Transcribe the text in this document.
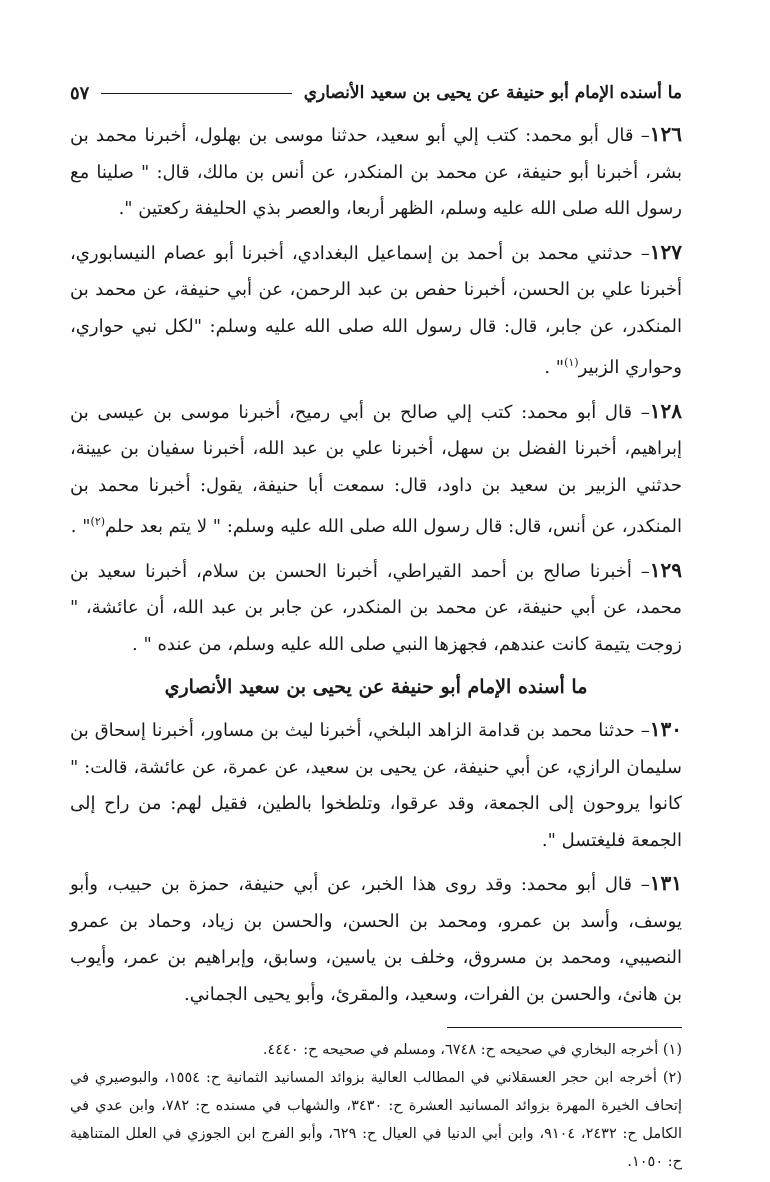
ما أسنده الإمام أبو حنيفة عن يحيى بن سعيد الأنصاري
٥٧

١٢٦– قال أبو محمد: كتب إلي أبو سعيد، حدثنا موسى بن بهلول، أخبرنا محمد بن بشر، أخبرنا أبو حنيفة، عن محمد بن المنكدر، عن أنس بن مالك، قال: " صلينا مع رسول الله صلى الله عليه وسلم، الظهر أربعا، والعصر بذي الحليفة ركعتين ".

١٢٧– حدثني محمد بن أحمد بن إسماعيل البغدادي، أخبرنا أبو عصام النيسابوري، أخبرنا علي بن الحسن، أخبرنا حفص بن عبد الرحمن، عن أبي حنيفة، عن محمد بن المنكدر، عن جابر، قال: قال رسول الله صلى الله عليه وسلم: "لكل نبي حواري، وحواري الزبير$^{(١)}$" .

١٢٨– قال أبو محمد: كتب إلي صالح بن أبي رميح، أخبرنا موسى بن عيسى بن إبراهيم، أخبرنا الفضل بن سهل، أخبرنا علي بن عبد الله، أخبرنا سفيان بن عيينة، حدثني الزبير بن سعيد بن داود، قال: سمعت أبا حنيفة، يقول: أخبرنا محمد بن المنكدر، عن أنس، قال: قال رسول الله صلى الله عليه وسلم: " لا يتم بعد حلم$^{(٢)}$" .

١٢٩– أخبرنا صالح بن أحمد القيراطي، أخبرنا الحسن بن سلام، أخبرنا سعيد بن محمد، عن أبي حنيفة، عن محمد بن المنكدر، عن جابر بن عبد الله، أن عائشة، " زوجت يتيمة كانت عندهم، فجهزها النبي صلى الله عليه وسلم، من عنده " .

ما أسنده الإمام أبو حنيفة عن يحيى بن سعيد الأنصاري

١٣٠– حدثنا محمد بن قدامة الزاهد البلخي، أخبرنا ليث بن مساور، أخبرنا إسحاق بن سليمان الرازي، عن أبي حنيفة، عن يحيى بن سعيد، عن عمرة، عن عائشة، قالت: " كانوا يروحون إلى الجمعة، وقد عرقوا، وتلطخوا بالطين، فقيل لهم: من راح إلى الجمعة فليغتسل ".

١٣١– قال أبو محمد: وقد روى هذا الخبر، عن أبي حنيفة، حمزة بن حبيب، وأبو يوسف، وأسد بن عمرو، ومحمد بن الحسن، والحسن بن زياد، وحماد بن عمرو النصيبي، ومحمد بن مسروق، وخلف بن ياسين، وسابق، وإبراهيم بن عمر، وأيوب بن هانئ، والحسن بن الفرات، وسعيد، والمقرئ، وأبو يحيى الجماني.

(١) أخرجه البخاري في صحيحه ح: ٦٧٤٨، ومسلم في صحيحه ح: ٤٤٤٠.

(٢) أخرجه ابن حجر العسقلاني في المطالب العالية بزوائد المسانيد الثمانية ح: ١٥٥٤، والبوصيري في إتحاف الخيرة المهرة بزوائد المسانيد العشرة ح: ٣٤٣٠، والشهاب في مسنده ح: ٧٨٢، وابن عدي في الكامل ح: ٢٤٣٢، ٩١٠٤، وابن أبي الدنيا في العيال ح: ٦٢٩، وأبو الفرج ابن الجوزي في العلل المتناهية ح: ١٠٥٠.
